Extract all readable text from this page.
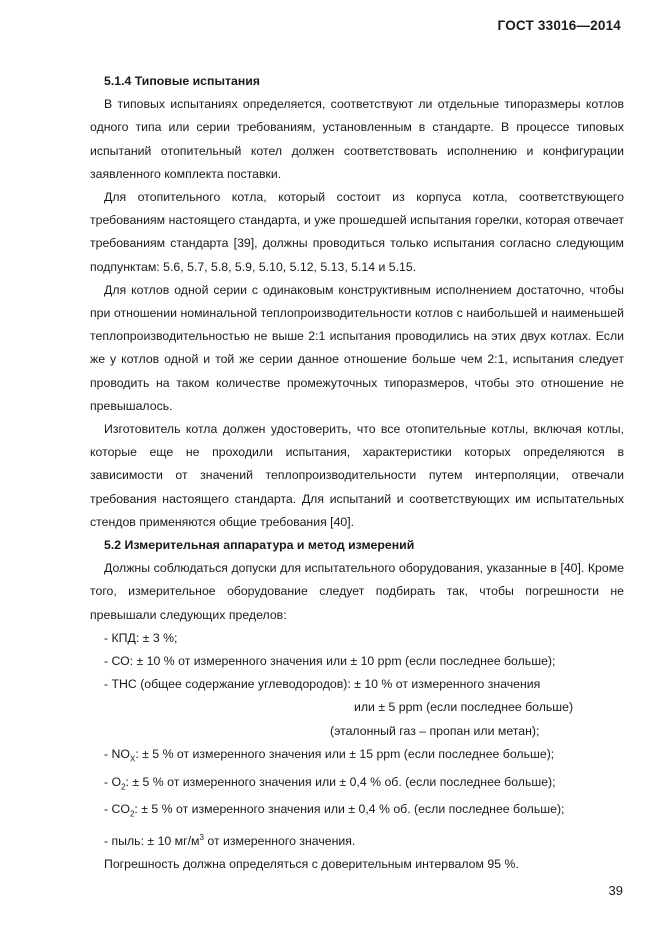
ГОСТ 33016—2014

5.1.4 Типовые испытания

В типовых испытаниях определяется, соответствуют ли отдельные типоразмеры котлов одного типа или серии требованиям, установленным в стандарте. В процессе типовых испытаний отопительный котел должен соответствовать исполнению и конфигурации заявленного комплекта поставки.

Для отопительного котла, который состоит из корпуса котла, соответствующего требованиям настоящего стандарта, и уже прошедшей испытания горелки, которая отвечает требованиям стандарта [39], должны проводиться только испытания согласно следующим подпунктам: 5.6, 5.7, 5.8, 5.9, 5.10, 5.12, 5.13, 5.14 и 5.15.

Для котлов одной серии с одинаковым конструктивным исполнением достаточно, чтобы при отношении номинальной теплопроизводительности котлов с наибольшей и наименьшей теплопроизводительностью не выше 2:1 испытания проводились на этих двух котлах. Если же у котлов одной и той же серии данное отношение больше чем 2:1, испытания следует проводить на таком количестве промежуточных типоразмеров, чтобы это отношение не превышалось.

Изготовитель котла должен удостоверить, что все отопительные котлы, включая котлы, которые еще не проходили испытания, характеристики которых определяются в зависимости от значений теплопроизводительности путем интерполяции, отвечали требования настоящего стандарта. Для испытаний и соответствующих им испытательных стендов применяются общие требования [40].

5.2 Измерительная аппаратура и метод измерений

Должны соблюдаться допуски для испытательного оборудования, указанные в [40]. Кроме того, измерительное оборудование следует подбирать так, чтобы погрешности не превышали следующих пределов:

- КПД: ± 3 %;

- СО: ± 10 % от измеренного значения или ± 10 ppm (если последнее больше);

- ТНС (общее содержание углеводородов): ± 10 % от измеренного значения

или ± 5 ppm (если последнее больше)

(эталонный газ – пропан или метан);

- $NO_X$: ± 5 % от измеренного значения или ± 15 ppm (если последнее больше);

- $O_2$: ± 5 % от измеренного значения или ± 0,4 % об. (если последнее больше);

- $CO_2$: ± 5 % от измеренного значения или ± 0,4 % об. (если последнее больше);

- пыль: ± 10 $мг/м^3$ от измеренного значения.

Погрешность должна определяться с доверительным интервалом 95 %.

39
